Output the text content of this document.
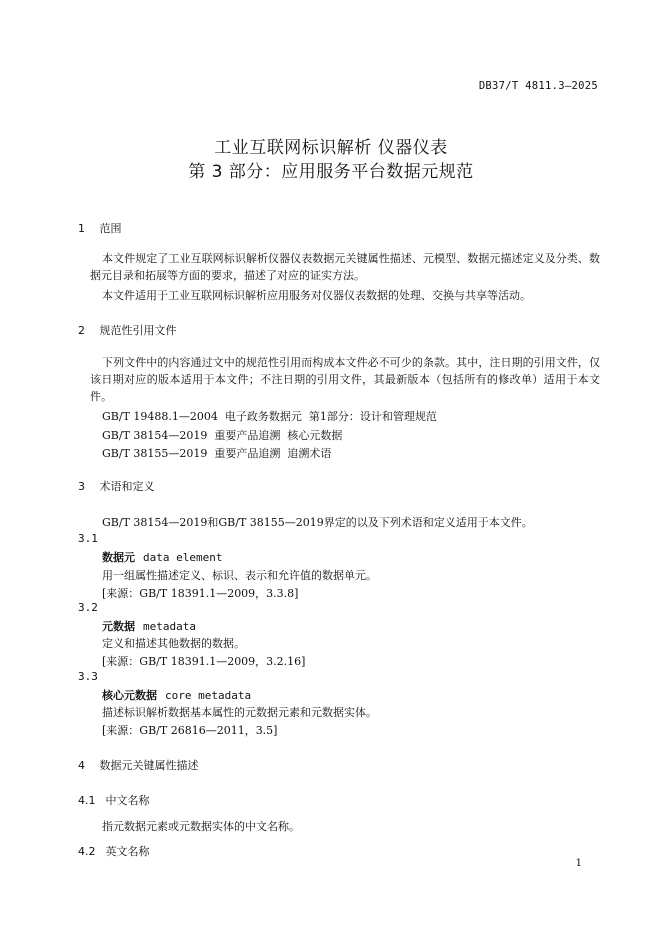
DB37/T 4811.3—2025
工业互联网标识解析 仪器仪表
第 3 部分：应用服务平台数据元规范
1 范围
本文件规定了工业互联网标识解析仪器仪表数据元关键属性描述、元模型、数据元描述定义及分类、数据元目录和拓展等方面的要求，描述了对应的证实方法。
本文件适用于工业互联网标识解析应用服务对仪器仪表数据的处理、交换与共享等活动。
2 规范性引用文件
下列文件中的内容通过文中的规范性引用而构成本文件必不可少的条款。其中，注日期的引用文件，仅该日期对应的版本适用于本文件；不注日期的引用文件，其最新版本（包括所有的修改单）适用于本文件。
GB/T 19488.1—2004  电子政务数据元  第1部分：设计和管理规范
GB/T 38154—2019  重要产品追溯  核心元数据
GB/T 38155—2019  重要产品追溯  追溯术语
3 术语和定义
GB/T 38154—2019和GB/T 38155—2019界定的以及下列术语和定义适用于本文件。
3.1
数据元 data element
用一组属性描述定义、标识、表示和允许值的数据单元。
[来源：GB/T 18391.1—2009，3.3.8]
3.2
元数据 metadata
定义和描述其他数据的数据。
[来源：GB/T 18391.1—2009，3.2.16]
3.3
核心元数据 core metadata
描述标识解析数据基本属性的元数据元素和元数据实体。
[来源：GB/T 26816—2011，3.5]
4 数据元关键属性描述
4.1 中文名称
指元数据元素或元数据实体的中文名称。
4.2 英文名称
1
